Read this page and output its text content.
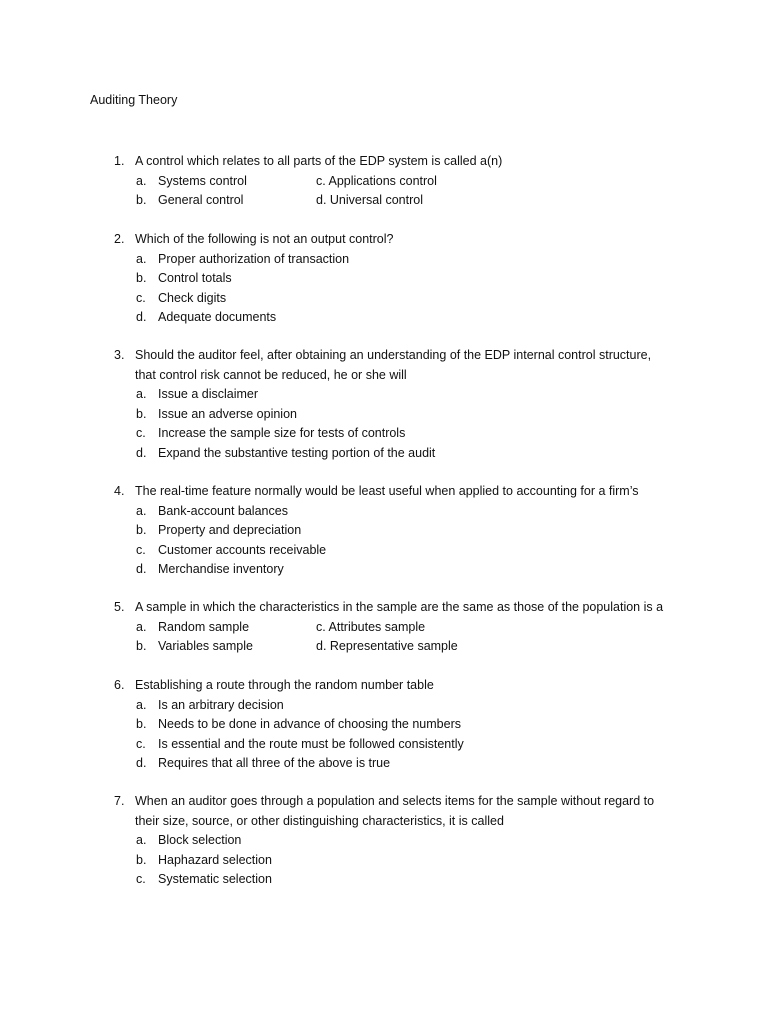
Auditing Theory
1. A control which relates to all parts of the EDP system is called a(n)
a. Systems control	c. Applications control
b. General control	d. Universal control
2. Which of the following is not an output control?
a. Proper authorization of transaction
b. Control totals
c. Check digits
d. Adequate documents
3. Should the auditor feel, after obtaining an understanding of the EDP internal control structure,
that control risk cannot be reduced, he or she will
a. Issue a disclaimer
b. Issue an adverse opinion
c. Increase the sample size for tests of controls
d. Expand the substantive testing portion of the audit
4. The real-time feature normally would be least useful when applied to accounting for a firm’s
a. Bank-account balances
b. Property and depreciation
c. Customer accounts receivable
d. Merchandise inventory
5. A sample in which the characteristics in the sample are the same as those of the population is a
a. Random sample	c. Attributes sample
b. Variables sample	d. Representative sample
6. Establishing a route through the random number table
a. Is an arbitrary decision
b. Needs to be done in advance of choosing the numbers
c. Is essential and the route must be followed consistently
d. Requires that all three of the above is true
7. When an auditor goes through a population and selects items for the sample without regard to
their size, source, or other distinguishing characteristics, it is called
a. Block selection
b. Haphazard selection
c. Systematic selection
